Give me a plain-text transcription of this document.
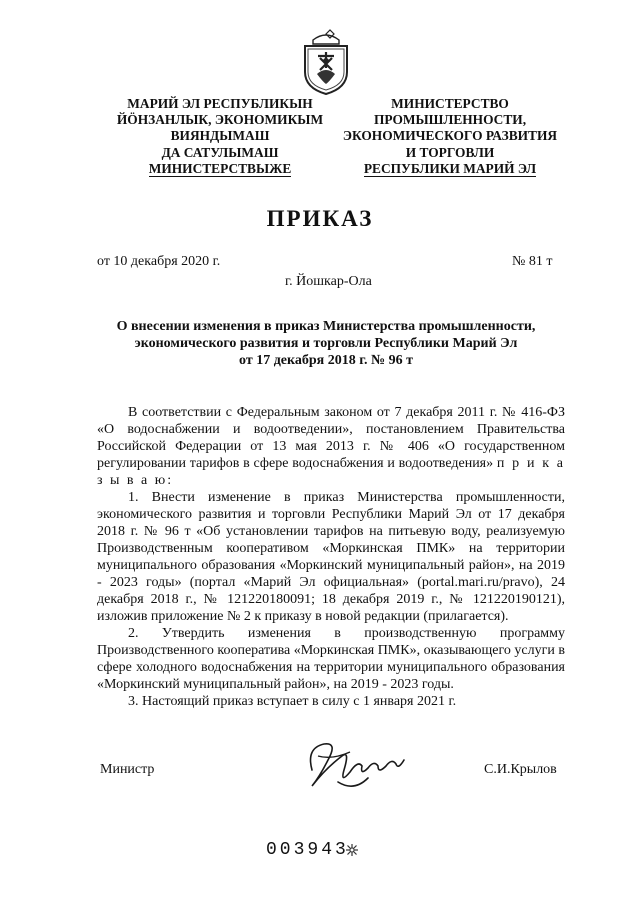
МАРИЙ ЭЛ РЕСПУБЛИКЫН
ЙӦНЗАНЛЫК, ЭКОНОМИКЫМ
ВИЯНДЫМАШ
ДА САТУЛЫМАШ
МИНИСТЕРСТВЫЖЕ
МИНИСТЕРСТВО
ПРОМЫШЛЕННОСТИ,
ЭКОНОМИЧЕСКОГО РАЗВИТИЯ
И ТОРГОВЛИ
РЕСПУБЛИКИ МАРИЙ ЭЛ
ПРИКАЗ
от 10 декабря 2020 г.	№ 81 т
г. Йошкар-Ола
О внесении изменения в приказ Министерства промышленности,
экономического развития и торговли Республики Марий Эл
от 17 декабря 2018 г. № 96 т

В соответствии с Федеральным законом от 7 декабря 2011 г. № 416-ФЗ «О водоснабжении и водоотведении», постановлением Правительства Российской Федерации от 13 мая 2013 г. № 406 «О государственном регулировании тарифов в сфере водоснабжения и водоотведения» п р и к а з ы в а ю:

1. Внести изменение в приказ Министерства промышленности, экономического развития и торговли Республики Марий Эл от 17 декабря 2018 г. № 96 т «Об установлении тарифов на питьевую воду, реализуемую Производственным кооперативом «Моркинская ПМК» на территории муниципального образования «Моркинский муниципальный район», на 2019 - 2023 годы» (портал «Марий Эл официальная» (portal.mari.ru/pravo), 24 декабря 2018 г., № 121220180091; 18 декабря 2019 г., № 121220190121), изложив приложение № 2 к приказу в новой редакции (прилагается).

2. Утвердить изменения в производственную программу Производственного кооператива «Моркинская ПМК», оказывающего услуги в сфере холодного водоснабжения на территории муниципального образования «Моркинский муниципальный район», на 2019 - 2023 годы.

3. Настоящий приказ вступает в силу с 1 января 2021 г.

Министр	С.И.Крылов
003943
